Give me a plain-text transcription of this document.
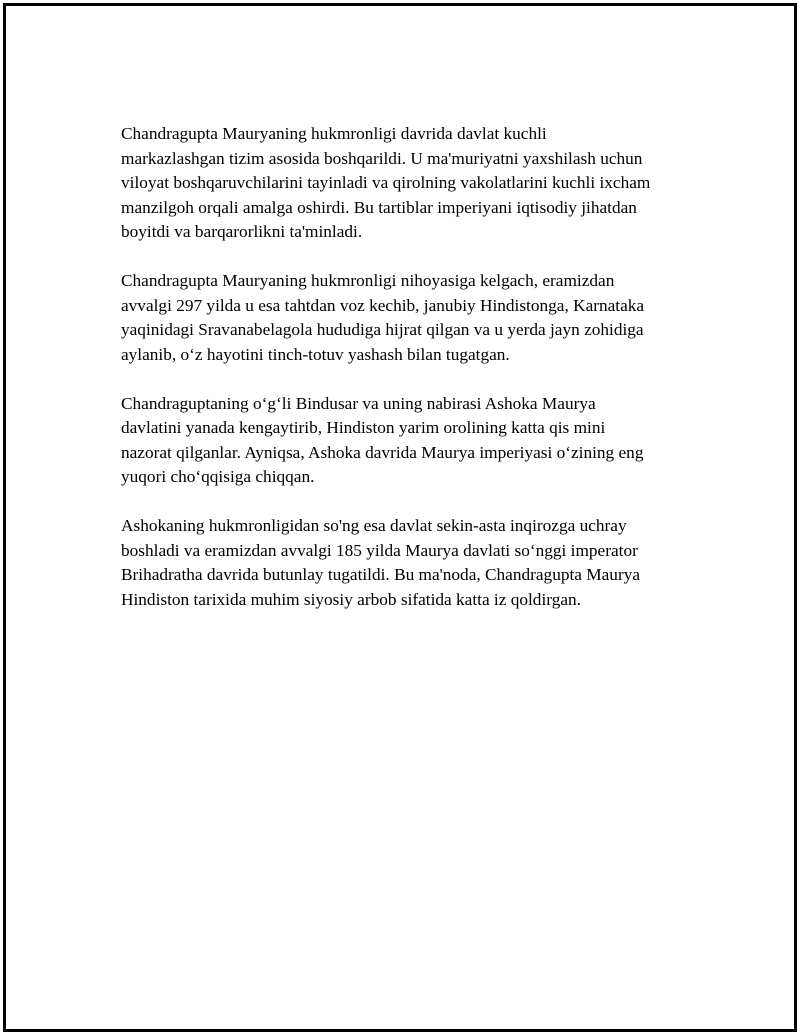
Chandragupta Mauryaning hukmronligi davrida davlat kuchli
markazlashgan tizim asosida boshqarildi. U ma'muriyatni yaxshilash uchun
viloyat boshqaruvchilarini tayinladi va qirolning vakolatlarini kuchli ixcham
manzilgoh orqali amalga oshirdi. Bu tartiblar imperiyani iqtisodiy jihatdan
boyitdi va barqarorlikni ta'minladi.

Chandragupta Mauryaning hukmronligi nihoyasiga kelgach, eramizdan
avvalgi 297 yilda u esa tahtdan voz kechib, janubiy Hindistonga, Karnataka
yaqinidagi Sravanabelagola hududiga hijrat qilgan va u yerda jayn zohidiga
aylanib, o‘z hayotini tinch-totuv yashash bilan tugatgan.

Chandraguptaning o‘g‘li Bindusar va uning nabirasi Ashoka Maurya
davlatini yanada kengaytirib, Hindiston yarim orolining katta qis mini
nazorat qilganlar. Ayniqsa, Ashoka davrida Maurya imperiyasi o‘zining eng
yuqori cho‘qqisiga chiqqan.

Ashokaning hukmronligidan so'ng esa davlat sekin-asta inqirozga uchray
boshladi va eramizdan avvalgi 185 yilda Maurya davlati so‘nggi imperator
Brihadratha davrida butunlay tugatildi. Bu ma'noda, Chandragupta Maurya
Hindiston tarixida muhim siyosiy arbob sifatida katta iz qoldirgan.
